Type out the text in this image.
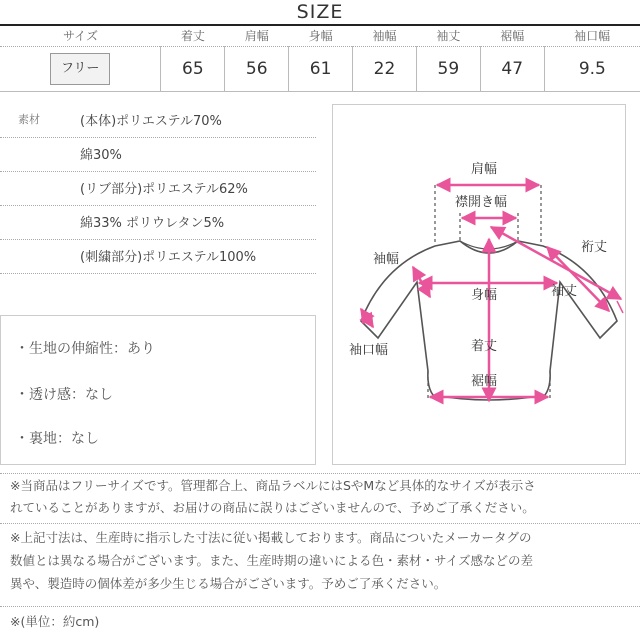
SIZE
サイズ	着丈	肩幅	身幅	袖幅	袖丈	裾幅	袖口幅
フリー	65	56	61	22	59	47	9.5
素材	(本体)ポリエステル70%
綿30%
(リブ部分)ポリエステル62%
綿33% ポリウレタン5%
(刺繍部分)ポリエステル100%
・生地の伸縮性：あり
・透け感：なし
・裏地：なし
肩幅
襟開き幅
裄丈
袖幅
袖丈
身幅
袖口幅	着丈
裾幅
※当商品はフリーサイズです。管理都合上、商品ラベルにはSやMなど具体的なサイズが表示さ
れていることがありますが、お届けの商品に誤りはございませんので、予めご了承ください。
※上記寸法は、生産時に指示した寸法に従い掲載しております。商品についたメーカータグの
数値とは異なる場合がございます。また、生産時期の違いによる色・素材・サイズ感などの差
異や、製造時の個体差が多少生じる場合がございます。予めご了承ください。
※(単位：約cm)
